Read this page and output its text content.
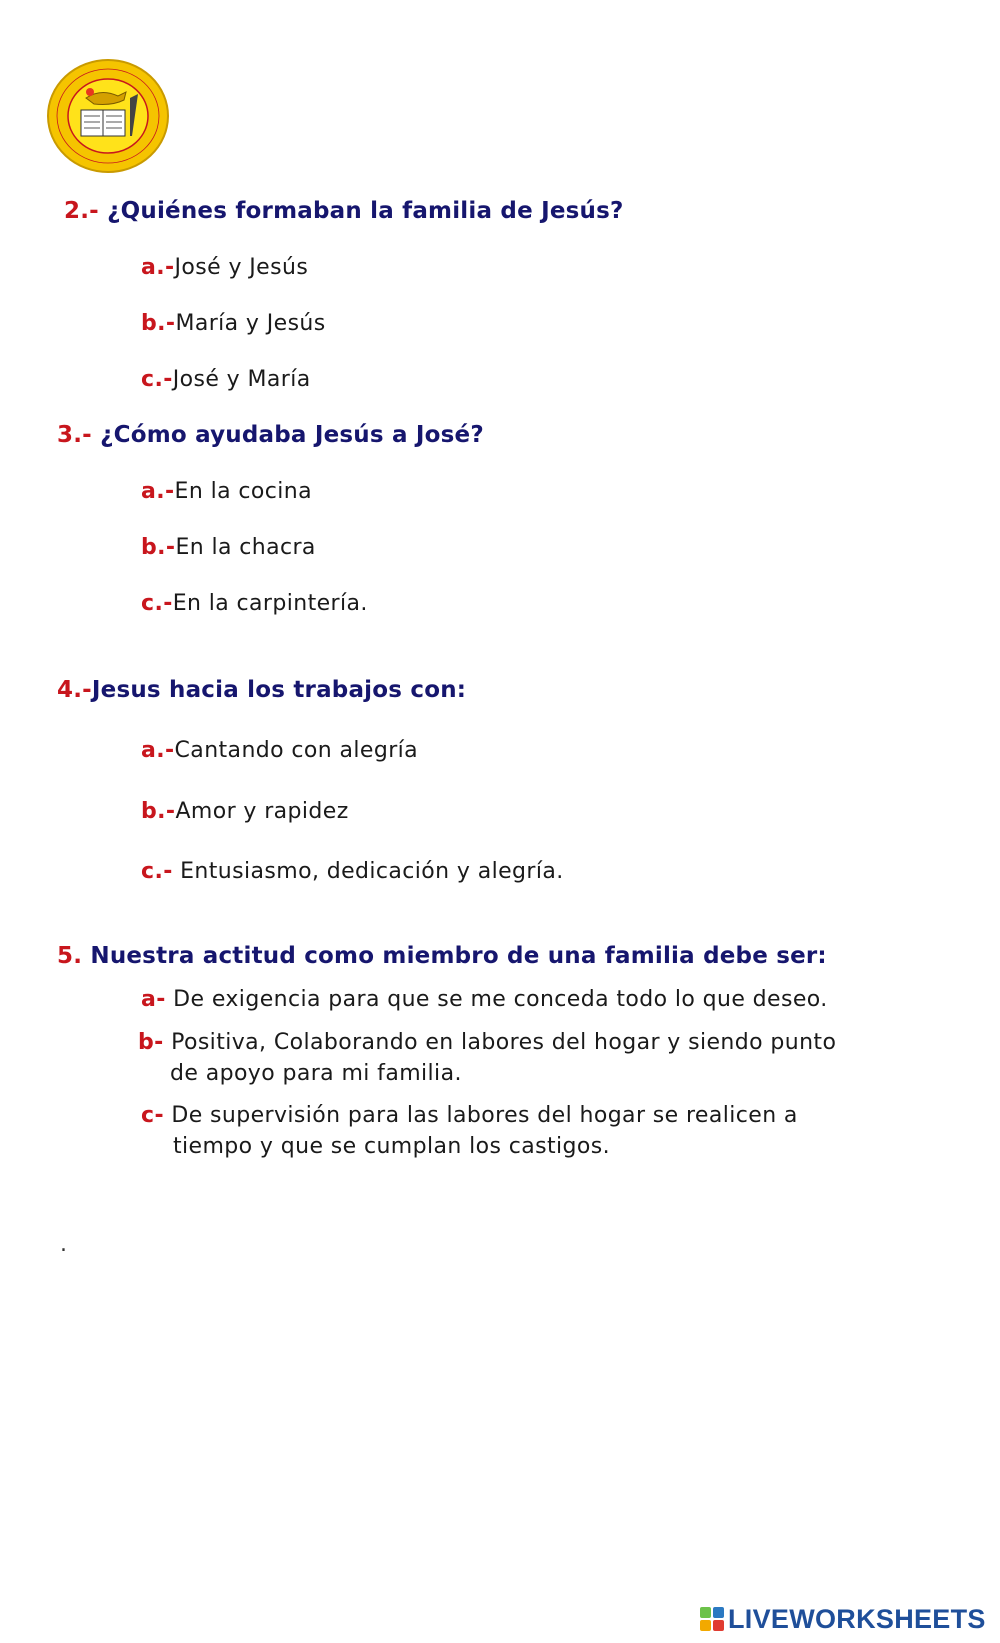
2.- ¿Quiénes formaban la familia de Jesús?

a.-José y Jesús

b.-María y Jesús

c.-José y María

3.- ¿Cómo ayudaba Jesús a José?

a.-En la cocina

b.-En la chacra

c.-En la carpintería.

4.-Jesus hacia los trabajos con:

a.-Cantando con alegría

b.-Amor y rapidez

c.- Entusiasmo, dedicación y alegría.

5. Nuestra actitud como miembro de una familia debe ser:

a- De exigencia para que se me conceda todo lo que deseo.

b- Positiva, Colaborando en labores del hogar y siendo punto
de apoyo para mi familia.

c- De supervisión para las labores del hogar se realicen a
tiempo y que se cumplan los castigos.

.
LIVEWORKSHEETS
